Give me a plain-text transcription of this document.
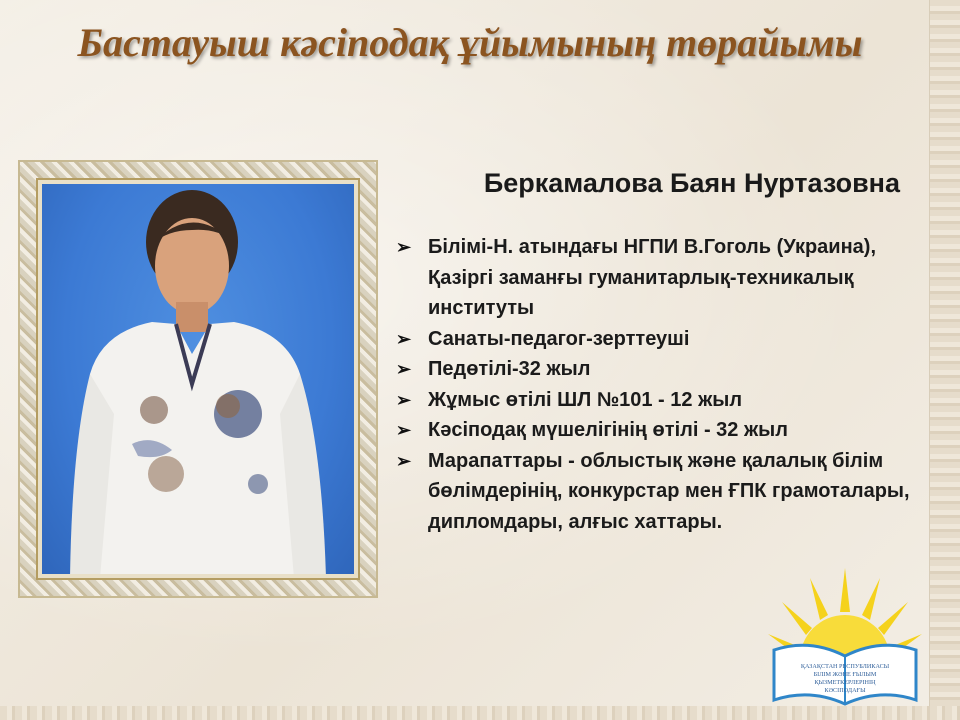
Бастауыш кәсіподақ ұйымының төрайымы
Беркамалова Баян Нуртазовна
➢ Білімі-Н. атындағы НГПИ В.Гоголь (Украина), Қазіргі заманғы гуманитарлық-техникалық институты
➢ Санаты-педагог-зерттеуші
➢ Педөтілі-32 жыл
➢ Жұмыс өтілі ШЛ №101 - 12 жыл
➢ Кәсіподақ мүшелігінің өтілі - 32 жыл
➢ Марапаттары - облыстық және қалалық білім бөлімдерінің, конкурстар мен ҒПК грамоталары, дипломдары, алғыс хаттары.
ҚАЗАҚСТАН РЕСПУБЛИКАСЫ
БІЛІМ ЖӘНЕ ҒЫЛЫМ
ҚЫЗМЕТКЕРЛЕРІНІҢ
КӘСІПОДАҒЫ
